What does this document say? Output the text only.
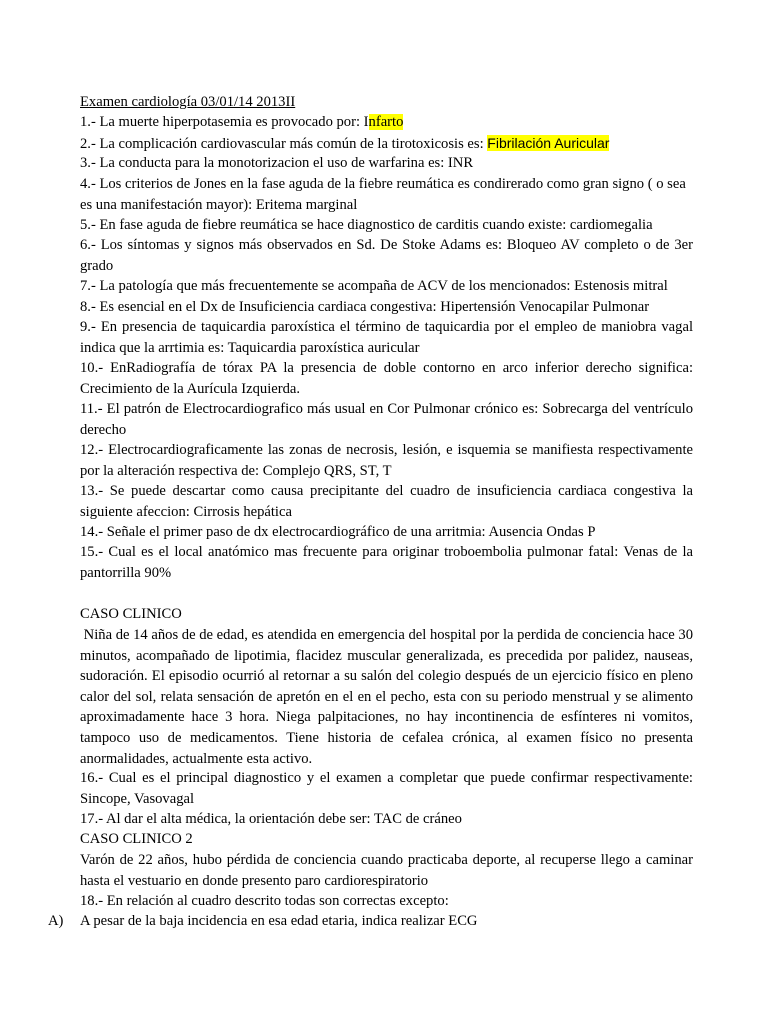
Examen cardiología 03/01/14 2013II
1.- La muerte hiperpotasemia es provocado por: Infarto
2.- La complicación cardiovascular más común de la tirotoxicosis es: Fibrilación Auricular
3.- La conducta para la monotorizacion el uso de warfarina es: INR
4.- Los criterios de Jones en la fase aguda de la fiebre reumática es condirerado como gran signo ( o sea es una manifestación mayor): Eritema marginal
5.- En fase aguda de fiebre reumática se hace diagnostico de carditis cuando existe: cardiomegalia
6.- Los síntomas y signos más observados en Sd. De Stoke Adams es: Bloqueo AV completo o de 3er grado
7.- La patología que más frecuentemente se acompaña de ACV de los mencionados: Estenosis mitral
8.- Es esencial en el Dx de Insuficiencia cardiaca congestiva: Hipertensión Venocapilar Pulmonar
9.- En presencia de taquicardia paroxística el término de taquicardia por el empleo de maniobra vagal indica que la arrtimia es: Taquicardia paroxística auricular
10.- EnRadiografía de tórax PA la presencia de doble contorno en arco inferior derecho significa: Crecimiento de la Aurícula Izquierda.
11.- El patrón de Electrocardiografico más usual en Cor Pulmonar crónico es: Sobrecarga del ventrículo derecho
12.- Electrocardiograficamente las zonas de necrosis, lesión, e isquemia se manifiesta respectivamente por la alteración respectiva de: Complejo QRS, ST, T
13.- Se puede descartar como causa precipitante del cuadro de insuficiencia cardiaca congestiva la siguiente afeccion: Cirrosis hepática
14.- Señale el primer paso de dx electrocardiográfico de una arritmia: Ausencia Ondas P
15.- Cual es el local anatómico mas frecuente para originar troboembolia pulmonar fatal: Venas de la pantorrilla 90%
CASO CLINICO
Niña de 14 años de de edad, es atendida en emergencia del hospital por la perdida de conciencia hace 30 minutos, acompañado de lipotimia, flacidez muscular generalizada, es precedida por palidez, nauseas, sudoración. El episodio ocurrió al retornar a su salón del colegio después de un ejercicio físico en pleno calor del sol, relata sensación de apretón en el en el pecho, esta con su periodo menstrual y se alimento aproximadamente hace 3 hora. Niega palpitaciones, no hay incontinencia de esfínteres ni vomitos, tampoco uso de medicamentos. Tiene historia de cefalea crónica, al examen físico no presenta anormalidades, actualmente esta activo.
16.- Cual es el principal diagnostico y el examen a completar que puede confirmar respectivamente: Sincope, Vasovagal
17.- Al dar el alta médica, la orientación debe ser: TAC de cráneo
CASO CLINICO 2
Varón de 22 años, hubo pérdida de conciencia cuando practicaba deporte, al recuperse llego a caminar hasta el vestuario en donde presento paro cardiorespiratorio
18.- En relación al cuadro descrito todas son correctas excepto:
A) A pesar de la baja incidencia en esa edad etaria, indica realizar ECG
